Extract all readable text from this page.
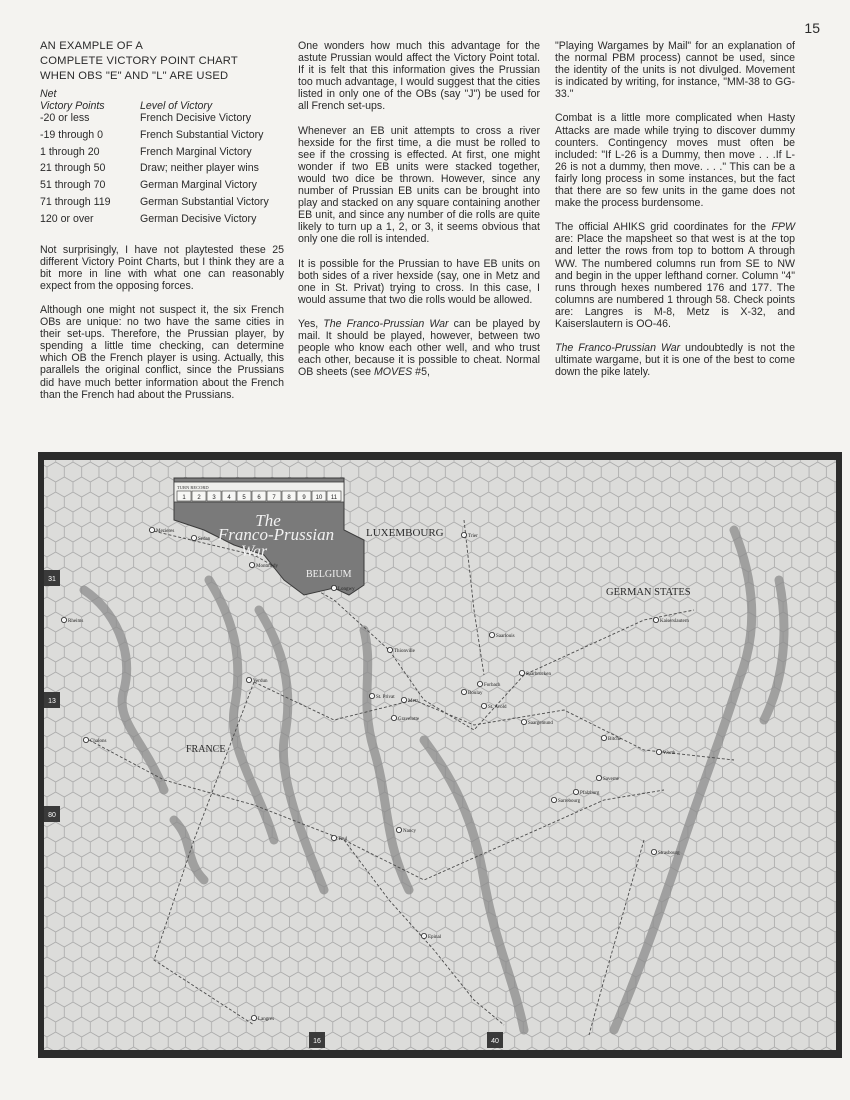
15
AN EXAMPLE OF A
COMPLETE VICTORY POINT CHART
WHEN OBS "E" AND "L" ARE USED
Net
Victory Points	Level of Victory
-20 or less	French Decisive Victory
-19 through 0	French Substantial Victory
1 through 20	French Marginal Victory
21 through 50	Draw; neither player wins
51 through 70	German Marginal Victory
71 through 119	German Substantial Victory
120 or over	German Decisive Victory

Not surprisingly, I have not playtested these 25 different Victory Point Charts, but I think they are a bit more in line with what one can reasonably expect from the opposing forces.

Although one might not suspect it, the six French OBs are unique: no two have the same cities in their set-ups. Therefore, the Prussian player, by spending a little time checking, can determine which OB the French player is using. Actually, this parallels the original conflict, since the Prussians did have much better information about the French than the French had about the Prussians.

One wonders how much this advantage for the astute Prussian would affect the Victory Point total. If it is felt that this information gives the Prussian too much advantage, I would suggest that the cities listed in only one of the OBs (say "J") be used for all French set-ups.

Whenever an EB unit attempts to cross a river hexside for the first time, a die must be rolled to see if the crossing is effected. At first, one might wonder if two EB units were stacked together, would two dice be thrown. However, since any number of Prussian EB units can be brought into play and stacked on any square containing another EB unit, and since any number of die rolls are quite likely to turn up a 1, 2, or 3, it seems obvious that only one die roll is intended.

It is possible for the Prussian to have EB units on both sides of a river hexside (say, one in Metz and one in St. Privat) trying to cross. In this case, I would assume that two die rolls would be allowed.

Yes, The Franco-Prussian War can be played by mail. It should be played, however, between two people who know each other well, and who trust each other, because it is possible to cheat. Normal OB sheets (see MOVES #5,

"Playing Wargames by Mail" for an explanation of the normal PBM process) cannot be used, since the identity of the units is not divulged. Movement is indicated by writing, for instance, "MM-38 to GG-33."

Combat is a little more complicated when Hasty Attacks are made while trying to discover dummy counters. Contingency moves must often be included: "If L-26 is a Dummy, then move . . .If L-26 is not a dummy, then move. . . ." This can be a fairly long process in some instances, but the fact that there are so few units in the game does not make the process burdensome.

The official AHIKS grid coordinates for the FPW are: Place the mapsheet so that west is at the top and letter the rows from top to bottom A through WW. The numbered columns run from SE to NW and begin in the upper lefthand corner. Column "4" runs through hexes numbered 176 and 177. The columns are numbered 1 through 58. Check points are: Langres is M-8, Metz is X-32, and Kaiserslautern is OO-46.

The Franco-Prussian War undoubtedly is not the ultimate wargame, but it is one of the best to come down the pike lately.

TURN RECORD
1 2 3 4 5 6 7 8 9 10 11
The
Franco-Prussian
War
LUXEMBOURG
BELGIUM
GERMAN STATES
FRANCE
31
13
80
16	40
Sedan
Mezieres
Montmedy
Longwy
Trier
Thionville
Saarlouis
Saarbrucken
Metz
St. Privat
Gravelotte
Verdun
Chalons
Toul
Nancy
Forbach
St. Avold
Saargemund
Bitche
Worth
Kaiserslautern
Strasbourg
Saverne
Pfalzburg
Sarrebourg
Epinal
Langres
Rheims
Boulay
